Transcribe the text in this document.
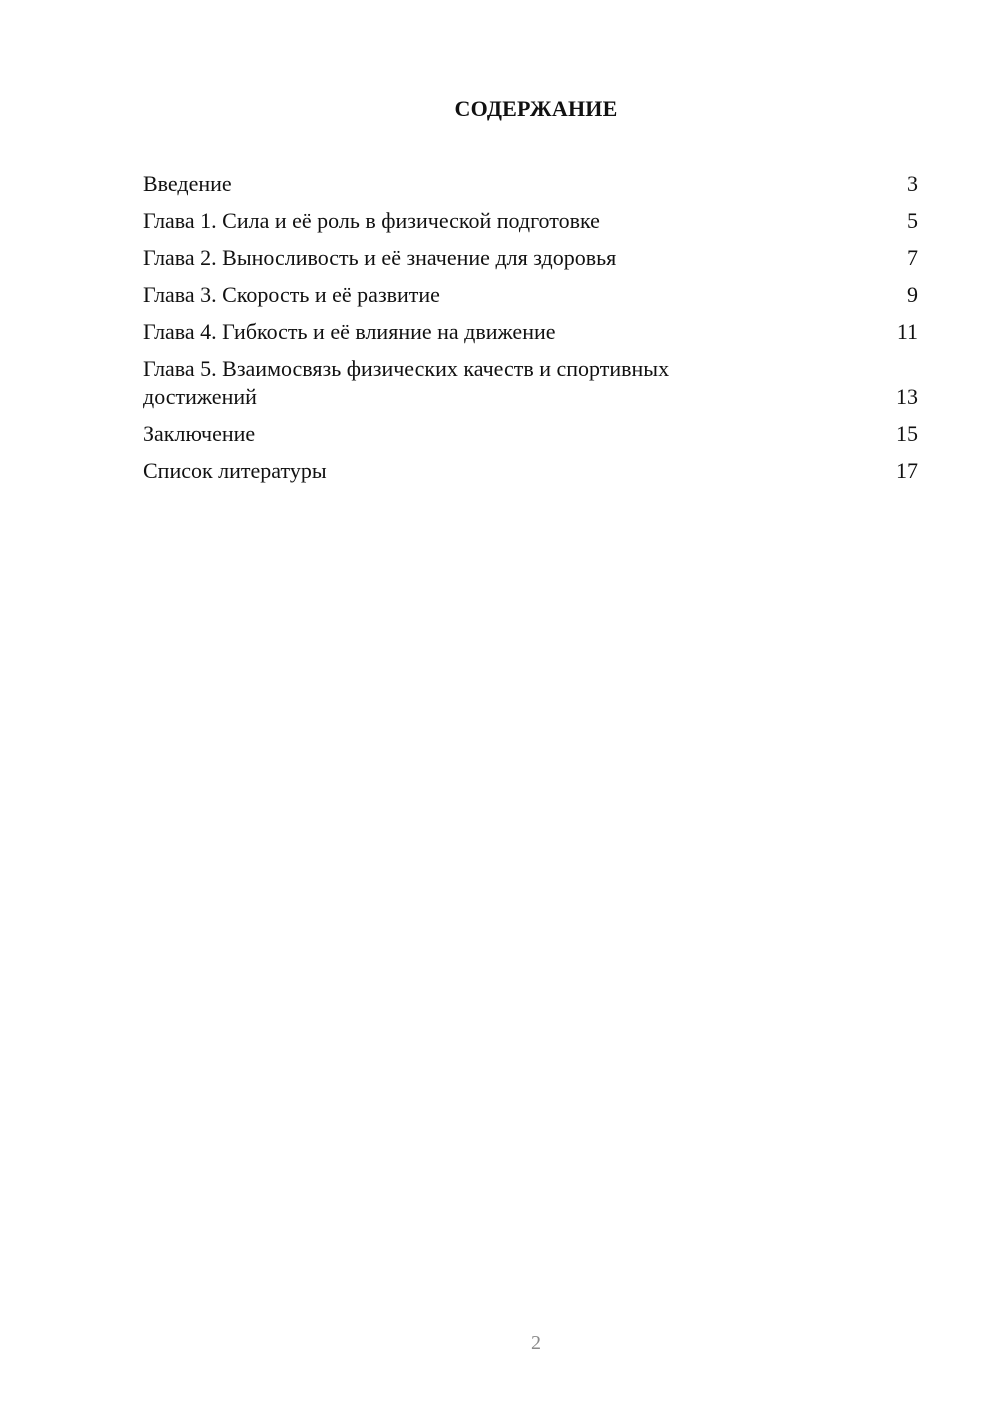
СОДЕРЖАНИЕ
Введение	3
Глава 1. Сила и её роль в физической подготовке	5
Глава 2. Выносливость и её значение для здоровья	7
Глава 3. Скорость и её развитие	9
Глава 4. Гибкость и её влияние на движение	11
Глава 5. Взаимосвязь физических качеств и спортивных достижений	13
Заключение	15
Список литературы	17
2
